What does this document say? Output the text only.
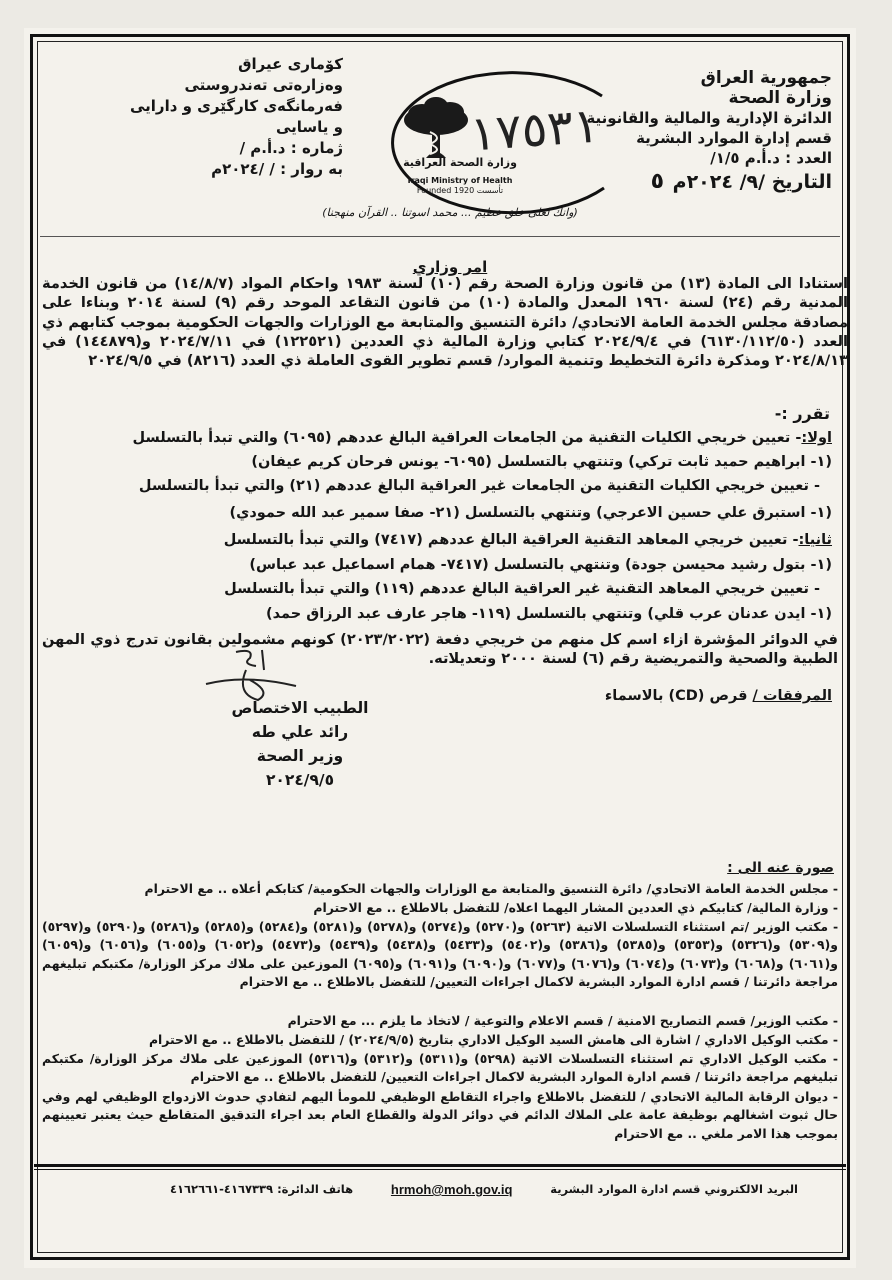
جمهورية العراق
وزارة الصحة
الدائرة الإدارية والمالية والقانونية
قسم إدارة الموارد البشرية
العدد : د.أ.م ١/٥/
التاريخ /٩/ ٢٠٢٤م ٥
كۆماری عیراق
وەزارەتی تەندروستی
فەرمانگەی کارگێری و دارایی و یاسایی
ژمارە : د.أ.م /
بە روار : / /٢٠٢٤م	وزارة الصحة العراقية
Iraqi Ministry of Health
Founded 1920 تأسست
١٧٥٣١
(وانك لعلى خلق عظيم ... محمد اسوتنا .. القرآن منهجنا)
امر وزاري
استنادا الى المادة (١٣) من قانون وزارة الصحة رقم (١٠) لسنة ١٩٨٣ واحكام المواد (١٤/٨/٧) من قانون الخدمة المدنية رقم (٢٤) لسنة ١٩٦٠ المعدل والمادة (١٠) من قانون التقاعد الموحد رقم (٩) لسنة ٢٠١٤ وبناءا على مصادقة مجلس الخدمة العامة الاتحادي/ دائرة التنسيق والمتابعة مع الوزارات والجهات الحكومية بموجب كتابهم ذي العدد (٦١٣٠/١١٢/٥٠) في ٢٠٢٤/٩/٤ كتابي وزارة المالية ذي العددين (١٢٢٥٢١) في ٢٠٢٤/٧/١١ و(١٤٤٨٧٩) في ٢٠٢٤/٨/١٣ ومذكرة دائرة التخطيط وتنمية الموارد/ قسم تطوير القوى العاملة ذي العدد (٨٢١٦) في ٢٠٢٤/٩/٥
تقرر :-
اولا:- تعيين خريجي الكليات التقنية من الجامعات العراقية البالغ عددهم (٦٠٩٥) والتي تبدأ بالتسلسل
(١- ابراهيم حميد ثابت تركي) وتنتهي بالتسلسل (٦٠٩٥- يونس فرحان كريم عيفان)
- تعيين خريجي الكليات التقنية من الجامعات غير العراقية البالغ عددهم (٢١) والتي تبدأ بالتسلسل
(١- استبرق علي حسين الاعرجي) وتنتهي بالتسلسل (٢١- صفا سمير عبد الله حمودي)
ثانيا:- تعيين خريجي المعاهد التقنية العراقية البالغ عددهم (٧٤١٧) والتي تبدأ بالتسلسل
(١- بتول رشيد محيسن جودة) وتنتهي بالتسلسل (٧٤١٧- همام اسماعيل عبد عباس)
- تعيين خريجي المعاهد التقنية غير العراقية البالغ عددهم (١١٩) والتي تبدأ بالتسلسل
(١- ايدن عدنان عرب قلي) وتنتهي بالتسلسل (١١٩- هاجر عارف عبد الرزاق حمد)
في الدوائر المؤشرة ازاء اسم كل منهم من خريجي دفعة (٢٠٢٣/٢٠٢٢) كونهم مشمولين بقانون تدرج ذوي المهن الطبية والصحية والتمريضية رقم (٦) لسنة ٢٠٠٠ وتعديلاته.
المرفقات / قرص (CD) بالاسماء
الطبيب الاختصاص
رائد علي طه
وزير الصحة
٢٠٢٤/٩/٥
صورة عنه الى :
- مجلس الخدمة العامة الاتحادي/ دائرة التنسيق والمتابعة مع الوزارات والجهات الحكومية/ كتابكم أعلاه .. مع الاحترام
- وزارة المالية/ كتابيكم ذي العددين المشار اليهما اعلاه/ للتفضل بالاطلاع .. مع الاحترام
- مكتب الوزير /تم استثناء التسلسلات الاتية (٥٢٦٣) و(٥٢٧٠) و(٥٢٧٤) و(٥٢٧٨) و(٥٢٨١) و(٥٢٨٤) و(٥٢٨٥) و(٥٢٨٦) و(٥٢٩٠) و(٥٢٩٧) و(٥٣٠٩) و(٥٣٢٦) و(٥٣٥٣) و(٥٣٨٥) و(٥٣٨٦) و(٥٤٠٢) و(٥٤٣٣) و(٥٤٣٨) و(٥٤٣٩) و(٥٤٧٣) و(٦٠٥٢) و(٦٠٥٥) و(٦٠٥٦) و(٦٠٥٩) و(٦٠٦١) و(٦٠٦٨) و(٦٠٧٣) و(٦٠٧٤) و(٦٠٧٦) و(٦٠٧٧) و(٦٠٩٠) و(٦٠٩١) و(٦٠٩٥) الموزعين على ملاك مركز الوزارة/ مكتبكم تبليغهم مراجعة دائرتنا / قسم ادارة الموارد البشرية لاكمال اجراءات التعيين/ للتفضل بالاطلاع .. مع الاحترام
- مكتب الوزير/ قسم التصاريح الامنية / قسم الاعلام والتوعية / لاتخاذ ما يلزم ... مع الاحترام
- مكتب الوكيل الاداري / اشارة الى هامش السيد الوكيل الاداري بتاريخ (٢٠٢٤/٩/٥) / للتفضل بالاطلاع .. مع الاحترام
- مكتب الوكيل الاداري تم استثناء التسلسلات الاتية (٥٢٩٨) و(٥٣١١) و(٥٣١٢) و(٥٣١٦) الموزعين على ملاك مركز الوزارة/ مكتبكم تبليغهم مراجعة دائرتنا / قسم ادارة الموارد البشرية لاكمال اجراءات التعيين/ للتفضل بالاطلاع .. مع الاحترام
- ديوان الرقابة المالية الاتحادي / للتفضل بالاطلاع واجراء التقاطع الوظيفي للمومأ اليهم لتفادي حدوث الازدواج الوظيفي لهم وفي حال ثبوت اشغالهم بوظيفة عامة على الملاك الدائم في دوائر الدولة والقطاع العام بعد اجراء التدقيق المتقاطع حيث يعتبر تعيينهم بموجب هذا الامر ملغي .. مع الاحترام
البريد الالكتروني قسم ادارة الموارد البشرية
hrmoh@moh.gov.iq
هاتف الدائرة: ٤١٦٧٣٣٩-٤١٦٢٦٦١
